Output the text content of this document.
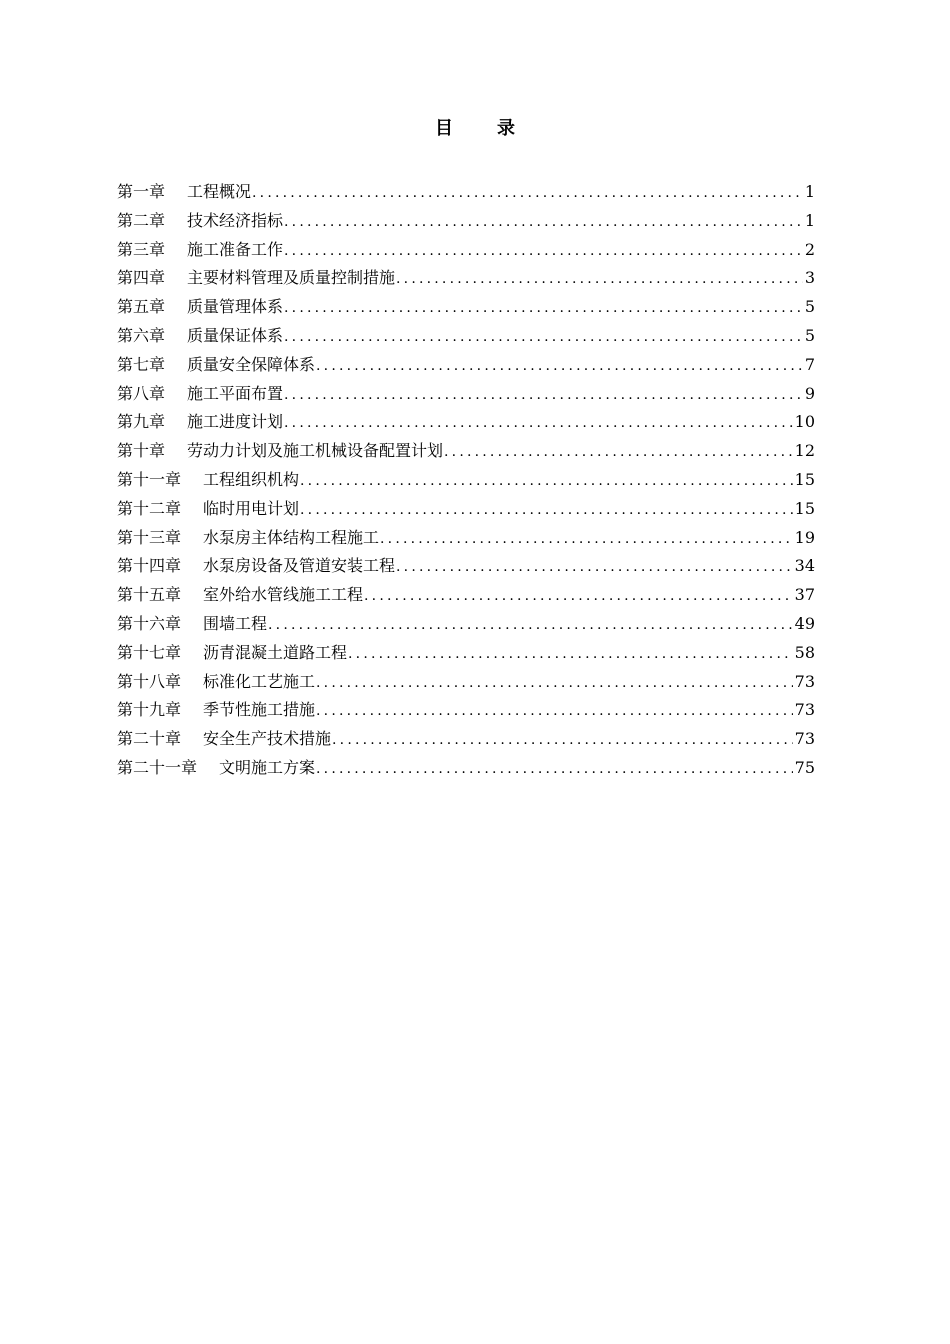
目 录
第一章 工程概况 .....	1
第二章 技术经济指标 .....	1
第三章 施工准备工作 .....	2
第四章 主要材料管理及质量控制措施 .....	3
第五章 质量管理体系 .....	5
第六章 质量保证体系 .....	5
第七章 质量安全保障体系 .....	7
第八章 施工平面布置 .....	9
第九章 施工进度计划 .....	10
第十章 劳动力计划及施工机械设备配置计划 .....	12
第十一章 工程组织机构 .....	15
第十二章 临时用电计划 .....	15
第十三章 水泵房主体结构工程施工 .....	19
第十四章 水泵房设备及管道安装工程 .....	34
第十五章 室外给水管线施工工程 .....	37
第十六章 围墙工程 .....	49
第十七章 沥青混凝土道路工程 .....	58
第十八章 标准化工艺施工 .....	73
第十九章 季节性施工措施 .....	73
第二十章 安全生产技术措施 .....	73
第二十一章 文明施工方案 .....	75
